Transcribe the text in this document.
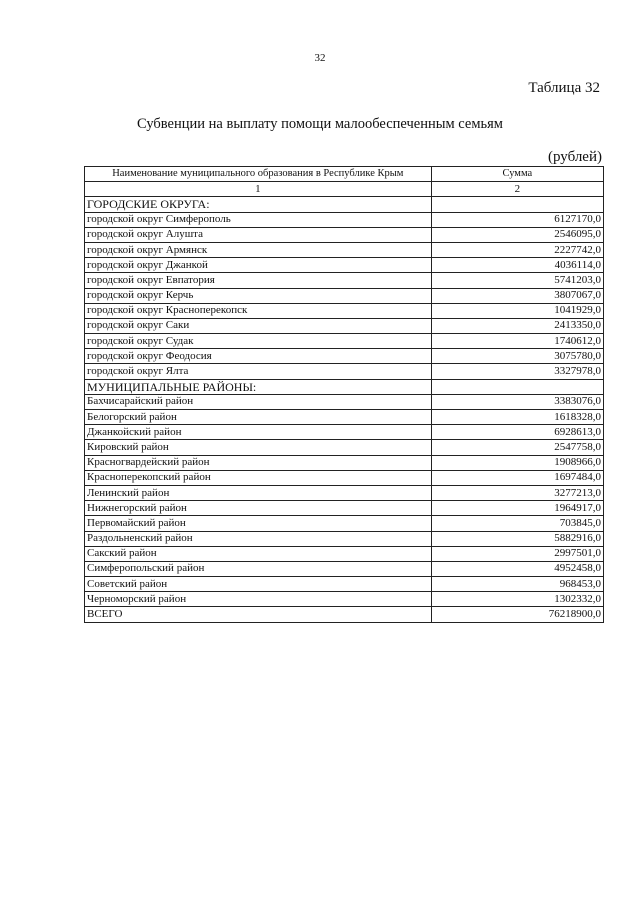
32
Таблица 32
Субвенции на выплату помощи малообеспеченным семьям
(рублей)
Наименование муниципального образования в Республике Крым	Сумма
1	2
ГОРОДСКИЕ ОКРУГА:	
городской округ Симферополь	6127170,0
городской округ Алушта	2546095,0
городской округ Армянск	2227742,0
городской округ Джанкой	4036114,0
городской округ Евпатория	5741203,0
городской округ Керчь	3807067,0
городской округ Красноперекопск	1041929,0
городской округ Саки	2413350,0
городской округ Судак	1740612,0
городской округ Феодосия	3075780,0
городской округ Ялта	3327978,0
МУНИЦИПАЛЬНЫЕ РАЙОНЫ:	
Бахчисарайский район	3383076,0
Белогорский район	1618328,0
Джанкойский район	6928613,0
Кировский район	2547758,0
Красногвардейский район	1908966,0
Красноперекопский район	1697484,0
Ленинский район	3277213,0
Нижнегорский район	1964917,0
Первомайский район	703845,0
Раздольненский район	5882916,0
Сакский район	2997501,0
Симферопольский район	4952458,0
Советский район	968453,0
Черноморский район	1302332,0
ВСЕГО	76218900,0
